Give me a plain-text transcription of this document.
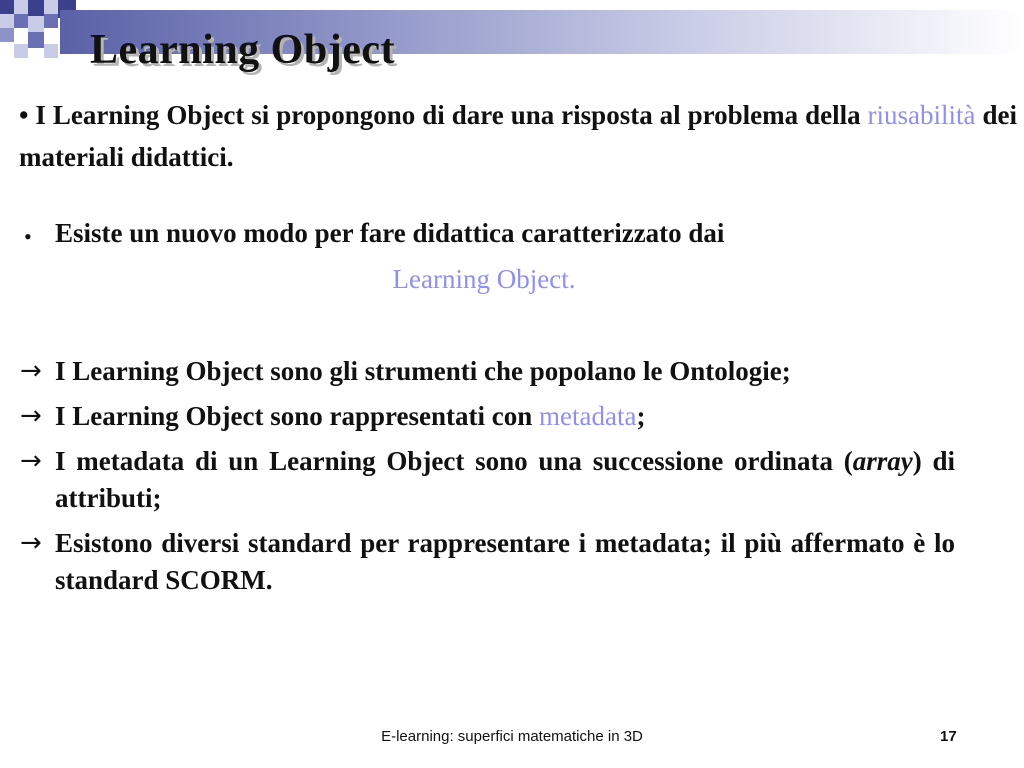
Learning Object

• I Learning Object si propongono di dare una risposta al problema della riusabilità dei materiali didattici.

• Esiste un nuovo modo per fare didattica caratterizzato dai
Learning Object.
→ I Learning Object sono gli strumenti che popolano le Ontologie;
→ I Learning Object sono rappresentati con metadata;
→ I metadata di un Learning Object sono una successione ordinata (array) di attributi;
→ Esistono diversi standard per rappresentare i metadata; il più affermato è lo standard SCORM.
E-learning: superfici matematiche in 3D	17
